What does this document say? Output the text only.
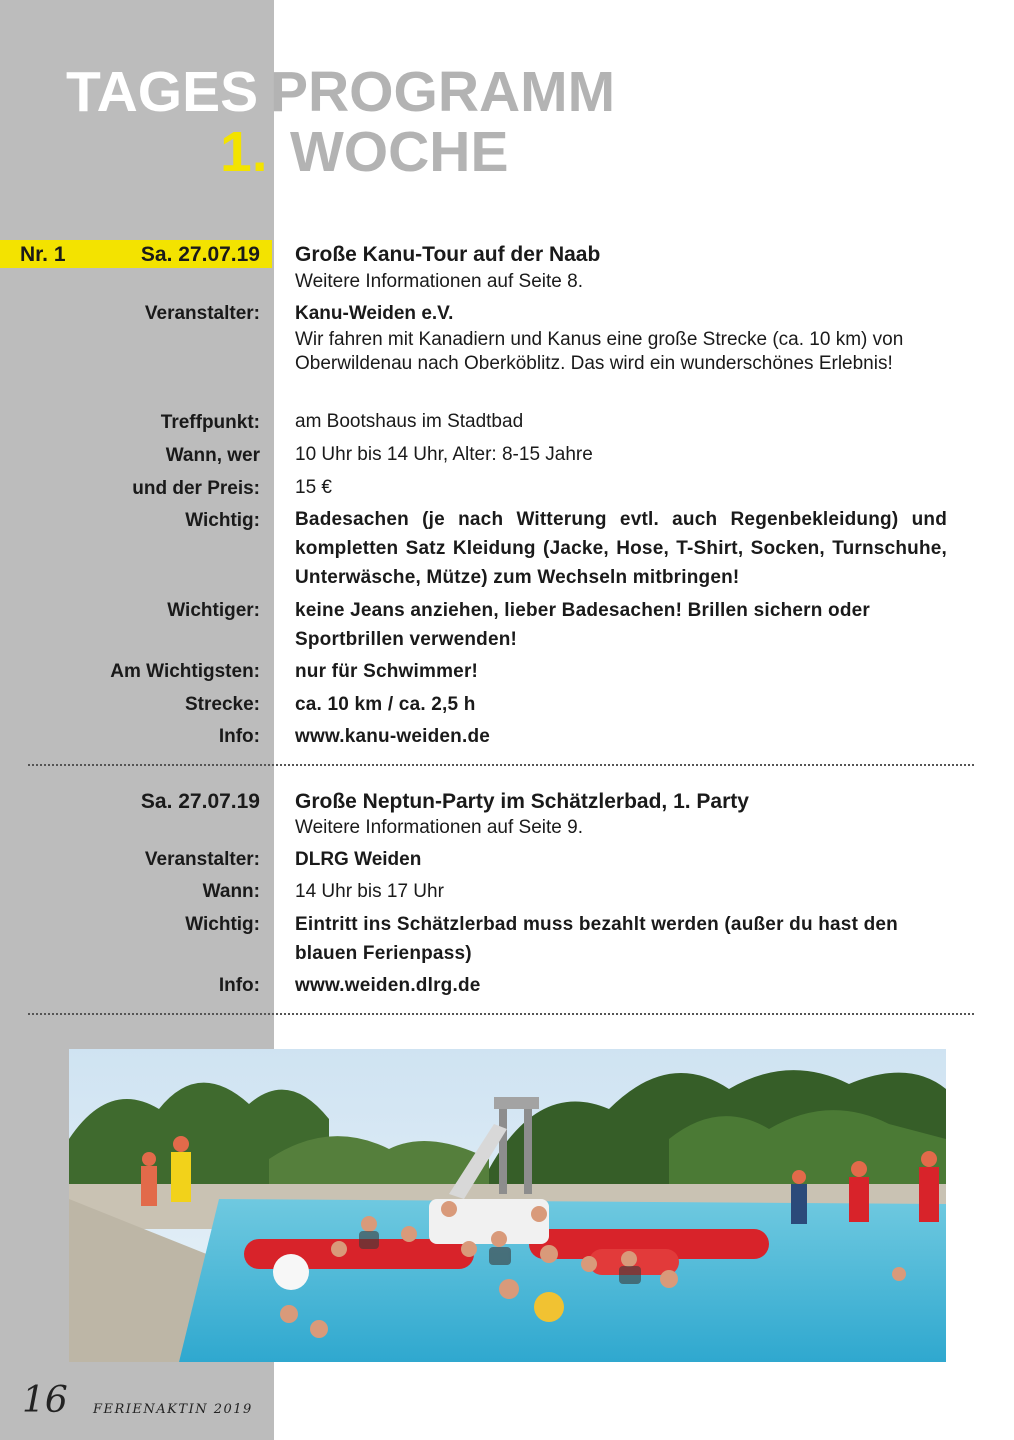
TAGES PROGRAMM
1. WOCHE
Nr. 1	Sa. 27.07.19 Große Kanu-Tour auf der Naab
Weitere Informationen auf Seite 8.
Veranstalter: Kanu-Weiden e.V.
Wir fahren mit Kanadiern und Kanus eine große Strecke (ca. 10 km) von Oberwildenau nach Oberköblitz. Das wird ein wunderschönes Erlebnis!
Treffpunkt: am Bootshaus im Stadtbad
Wann, wer 10 Uhr bis 14 Uhr, Alter: 8-15 Jahre
und der Preis: 15 €
Wichtig: Badesachen (je nach Witterung evtl. auch Regenbekleidung) und kompletten Satz Kleidung (Jacke, Hose, T-Shirt, Socken, Turnschuhe, Unterwäsche, Mütze) zum Wechseln mitbringen!
Wichtiger: keine Jeans anziehen, lieber Badesachen! Brillen sichern oder Sportbrillen verwenden!
Am Wichtigsten: nur für Schwimmer!
Strecke: ca. 10 km / ca. 2,5 h
Info: www.kanu-weiden.de
Sa. 27.07.19 Große Neptun-Party im Schätzlerbad, 1. Party
Weitere Informationen auf Seite 9.
Veranstalter: DLRG Weiden
Wann: 14 Uhr bis 17 Uhr
Wichtig: Eintritt ins Schätzlerbad muss bezahlt werden (außer du hast den blauen Ferienpass)
Info: www.weiden.dlrg.de
16 FERIENAKTIN 2019
